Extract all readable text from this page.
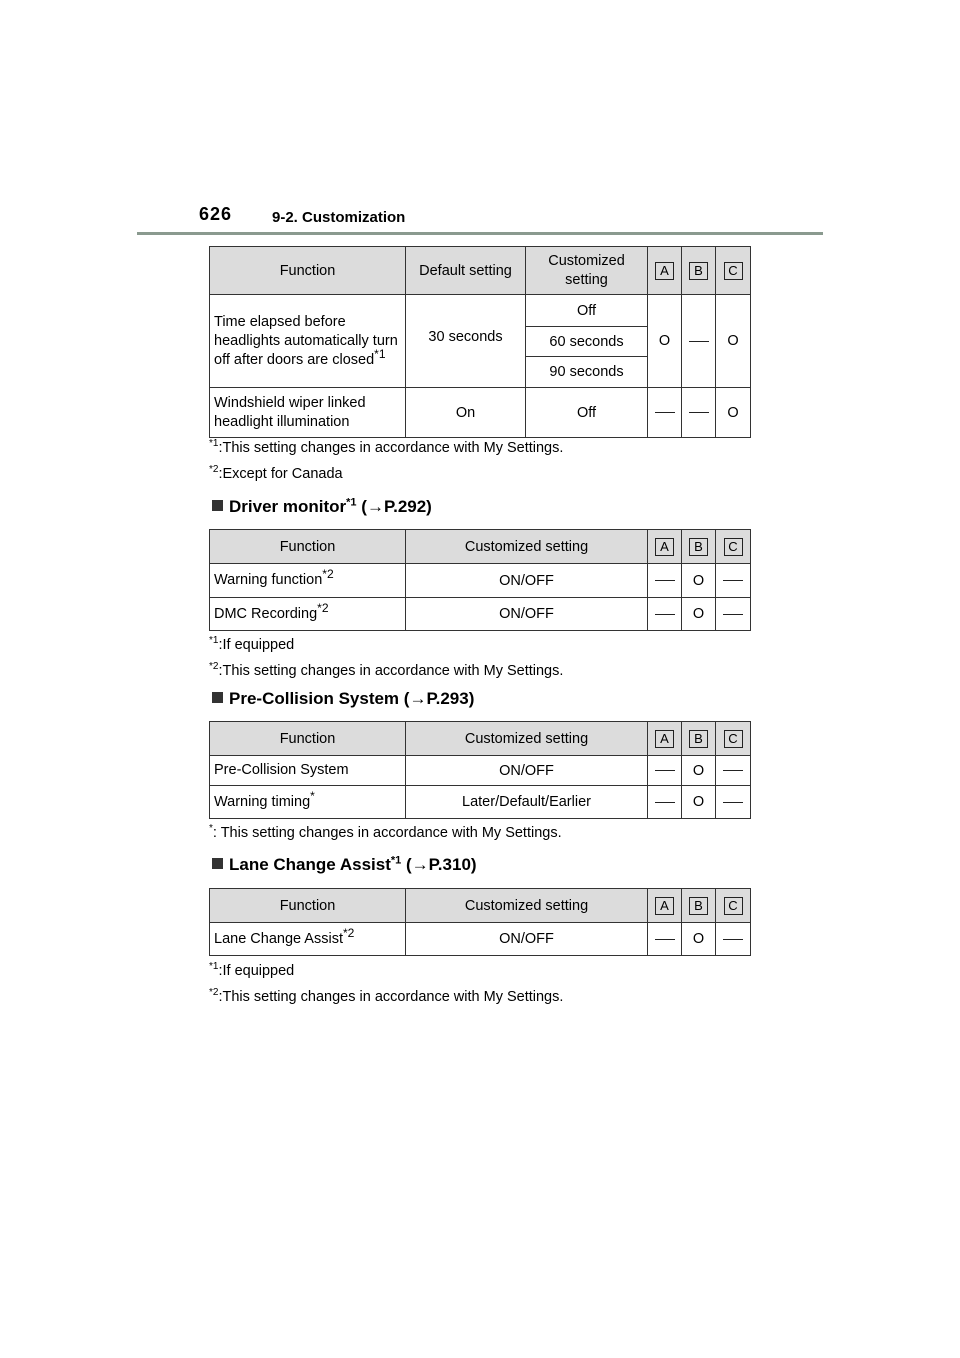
626	9-2. Customization
Function	Default setting	Customized setting	A	B	C
Time elapsed before headlights automatically turn off after doors are closed$^{*1}$	30 seconds	Off	O		O
		60 seconds			
		90 seconds			
Windshield wiper linked headlight illumination	On	Off			O
$^{*1}$:This setting changes in accordance with My Settings.
$^{*2}$:Except for Canada
Driver monitor$^{*1}$ (→P.292)
Function	Customized setting	A	B	C
Warning function$^{*2}$	ON/OFF		O	
DMC Recording$^{*2}$	ON/OFF		O	
$^{*1}$:If equipped
$^{*2}$:This setting changes in accordance with My Settings.
Pre-Collision System (→P.293)
Function	Customized setting	A	B	C
Pre-Collision System	ON/OFF		O	
Warning timing*	Later/Default/Earlier		O	
*: This setting changes in accordance with My Settings.
Lane Change Assist$^{*1}$ (→P.310)
Function	Customized setting	A	B	C
Lane Change Assist$^{*2}$	ON/OFF		O	
$^{*1}$:If equipped
$^{*2}$:This setting changes in accordance with My Settings.
